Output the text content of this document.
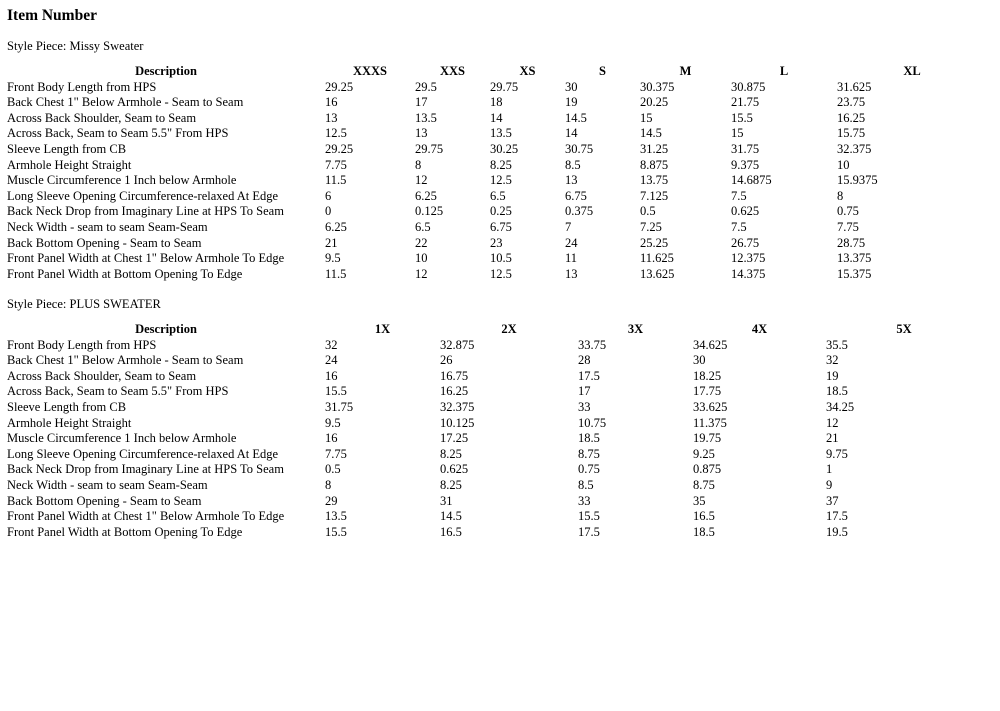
Item Number
Style Piece: Missy Sweater
Description	XXXS	XXS	XS	S	M	L	XL
Front Body Length from HPS	29.25	29.5	29.75	30	30.375	30.875	31.625
Back Chest 1" Below Armhole - Seam to Seam	16	17	18	19	20.25	21.75	23.75
Across Back Shoulder, Seam to Seam	13	13.5	14	14.5	15	15.5	16.25
Across Back, Seam to Seam 5.5" From HPS	12.5	13	13.5	14	14.5	15	15.75
Sleeve Length from CB	29.25	29.75	30.25	30.75	31.25	31.75	32.375
Armhole Height Straight	7.75	8	8.25	8.5	8.875	9.375	10
Muscle Circumference 1 Inch below Armhole	11.5	12	12.5	13	13.75	14.6875	15.9375
Long Sleeve Opening Circumference-relaxed At Edge	6	6.25	6.5	6.75	7.125	7.5	8
Back Neck Drop from Imaginary Line at HPS To Seam	0	0.125	0.25	0.375	0.5	0.625	0.75
Neck Width - seam to seam Seam-Seam	6.25	6.5	6.75	7	7.25	7.5	7.75
Back Bottom Opening - Seam to Seam	21	22	23	24	25.25	26.75	28.75
Front Panel Width at Chest 1" Below Armhole To Edge	9.5	10	10.5	11	11.625	12.375	13.375
Front Panel Width at Bottom Opening To Edge	11.5	12	12.5	13	13.625	14.375	15.375
Style Piece: PLUS SWEATER
Description	1X	2X	3X	4X	5X
Front Body Length from HPS	32	32.875	33.75	34.625	35.5
Back Chest 1" Below Armhole - Seam to Seam	24	26	28	30	32
Across Back Shoulder, Seam to Seam	16	16.75	17.5	18.25	19
Across Back, Seam to Seam 5.5" From HPS	15.5	16.25	17	17.75	18.5
Sleeve Length from CB	31.75	32.375	33	33.625	34.25
Armhole Height Straight	9.5	10.125	10.75	11.375	12
Muscle Circumference 1 Inch below Armhole	16	17.25	18.5	19.75	21
Long Sleeve Opening Circumference-relaxed At Edge	7.75	8.25	8.75	9.25	9.75
Back Neck Drop from Imaginary Line at HPS To Seam	0.5	0.625	0.75	0.875	1
Neck Width - seam to seam Seam-Seam	8	8.25	8.5	8.75	9
Back Bottom Opening - Seam to Seam	29	31	33	35	37
Front Panel Width at Chest 1" Below Armhole To Edge	13.5	14.5	15.5	16.5	17.5
Front Panel Width at Bottom Opening To Edge	15.5	16.5	17.5	18.5	19.5
